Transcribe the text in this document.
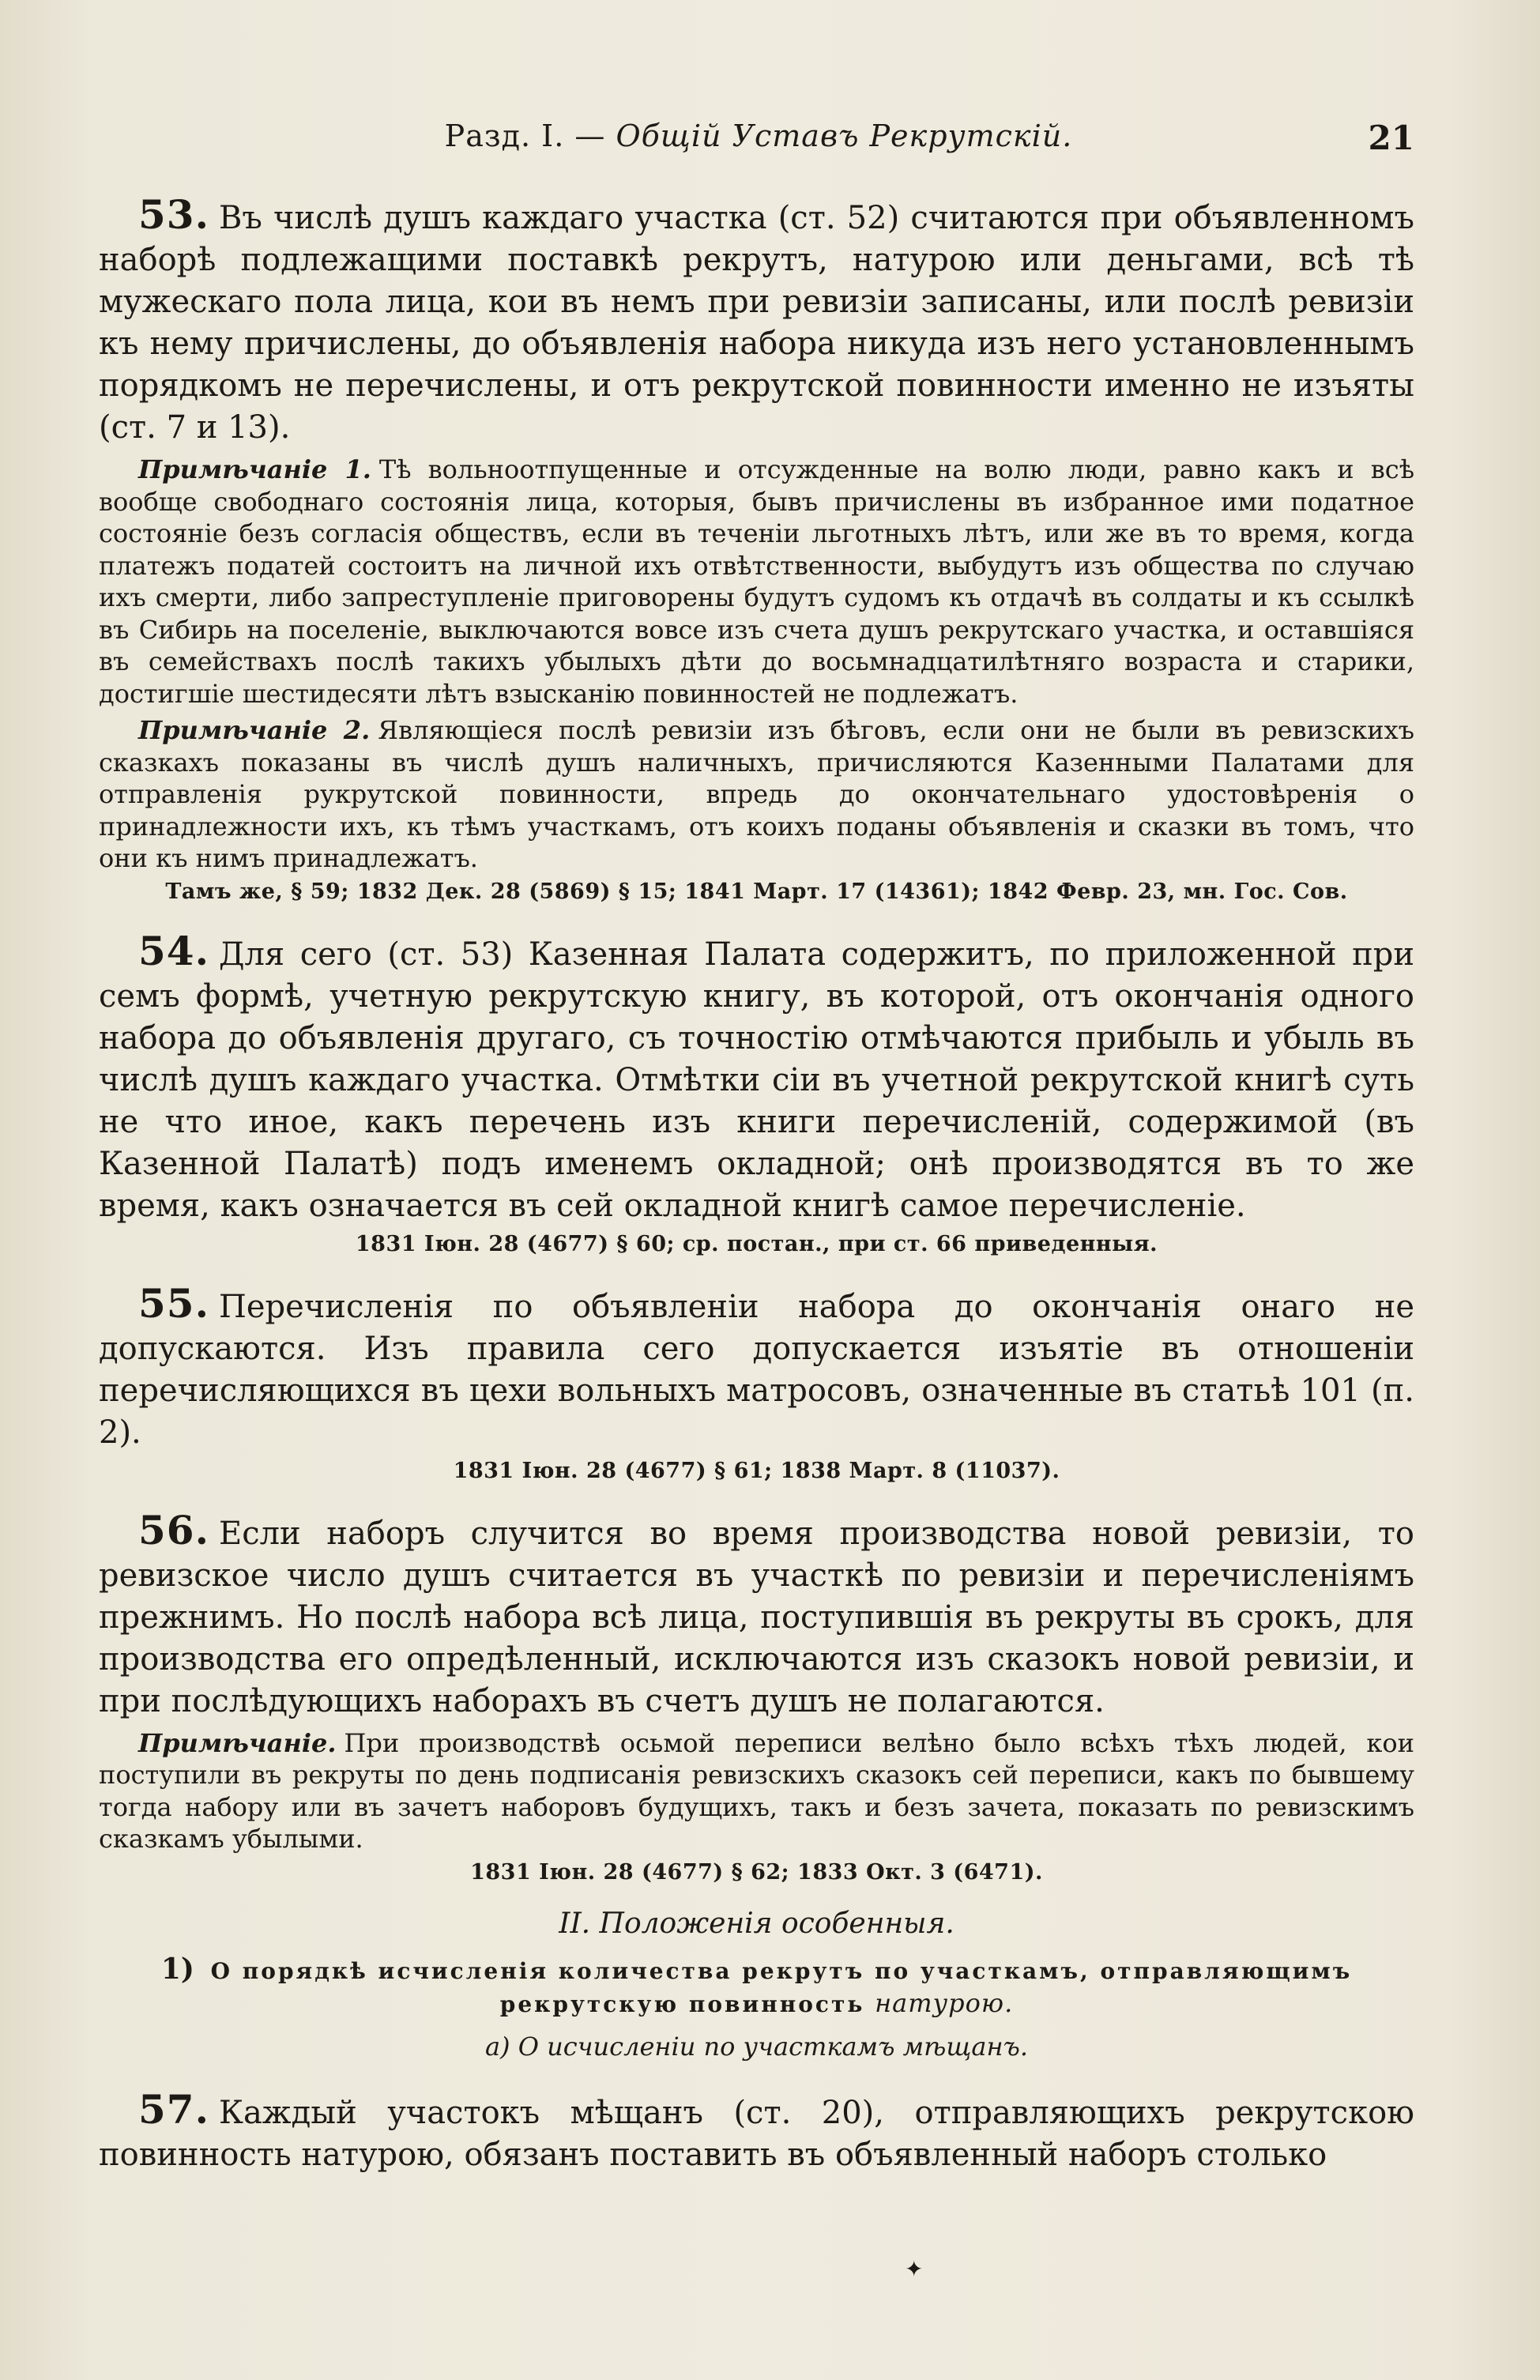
Разд. I. — Общій Уставъ Рекрутскій.	21

53. Въ числѣ душъ каждаго участка (ст. 52) считаются при объявленномъ наборѣ подлежащими поставкѣ рекрутъ, натурою или деньгами, всѣ тѣ мужескаго пола лица, кои въ немъ при ревизіи записаны, или послѣ ревизіи къ нему причислены, до объявленія набора никуда изъ него установленнымъ порядкомъ не перечислены, и отъ рекрутской повинности именно не изъяты (ст. 7 и 13).

Примѣчаніе 1. Тѣ вольноотпущенные и отсужденные на волю люди, равно какъ и всѣ вообще свободнаго состоянія лица, которыя, бывъ причислены въ избранное ими податное состояніе безъ согласія обществъ, если въ теченіи льготныхъ лѣтъ, или же въ то время, когда платежъ податей состоитъ на личной ихъ отвѣтственности, выбудутъ изъ общества по случаю ихъ смерти, либо запреступленіе приговорены будутъ судомъ къ отдачѣ въ солдаты и къ ссылкѣ въ Сибирь на поселеніе, выключаются вовсе изъ счета душъ рекрутскаго участка, и оставшіяся въ семействахъ послѣ такихъ убылыхъ дѣти до восьмнадцатилѣтняго возраста и старики, достигшіе шестидесяти лѣтъ взысканію повинностей не подлежатъ.

Примѣчаніе 2. Являющіеся послѣ ревизіи изъ бѣговъ, если они не были въ ревизскихъ сказкахъ показаны въ числѣ душъ наличныхъ, причисляются Казенными Палатами для отправленія рукрутской повинности, впредь до окончательнаго удостовѣренія о принадлежности ихъ, къ тѣмъ участкамъ, отъ коихъ поданы объявленія и сказки въ томъ, что они къ нимъ принадлежатъ.

Тамъ же, § 59; 1832 Дек. 28 (5869) § 15; 1841 Март. 17 (14361); 1842 Февр. 23, мн. Гос. Сов.

54. Для сего (ст. 53) Казенная Палата содержитъ, по приложенной при семъ формѣ, учетную рекрутскую книгу, въ которой, отъ окончанія одного набора до объявленія другаго, съ точностію отмѣчаются прибыль и убыль въ числѣ душъ каждаго участка. Отмѣтки сіи въ учетной рекрутской книгѣ суть не что иное, какъ перечень изъ книги перечисленій, содержимой (въ Казенной Палатѣ) подъ именемъ окладной; онѣ производятся въ то же время, какъ означается въ сей окладной книгѣ самое перечисленіе.

1831 Іюн. 28 (4677) § 60; ср. постан., при ст. 66 приведенныя.

55. Перечисленія по объявленіи набора до окончанія онаго не допускаются. Изъ правила сего допускается изъятіе въ отношеніи перечисляющихся въ цехи вольныхъ матросовъ, означенные въ статьѣ 101 (п. 2).

1831 Іюн. 28 (4677) § 61; 1838 Март. 8 (11037).

56. Если наборъ случится во время производства новой ревизіи, то ревизское число душъ считается въ участкѣ по ревизіи и перечисленіямъ прежнимъ. Но послѣ набора всѣ лица, поступившія въ рекруты въ срокъ, для производства его опредѣленный, исключаются изъ сказокъ новой ревизіи, и при послѣдующихъ наборахъ въ счетъ душъ не полагаются.

Примѣчаніе. При производствѣ осьмой переписи велѣно было всѣхъ тѣхъ людей, кои поступили въ рекруты по день подписанія ревизскихъ сказокъ сей переписи, какъ по бывшему тогда набору или въ зачетъ наборовъ будущихъ, такъ и безъ зачета, показать по ревизскимъ сказкамъ убылыми.

1831 Іюн. 28 (4677) § 62; 1833 Окт. 3 (6471).

II. Положенія особенныя.

1) О порядкѣ исчисленія количества рекрутъ по участкамъ, отправляющимъ рекрутскую повинность натурою.

а) О исчисленіи по участкамъ мѣщанъ.

57. Каждый участокъ мѣщанъ (ст. 20), отправляющихъ рекрутскою повинность натурою, обязанъ поставить въ объявленный наборъ столько

✦
